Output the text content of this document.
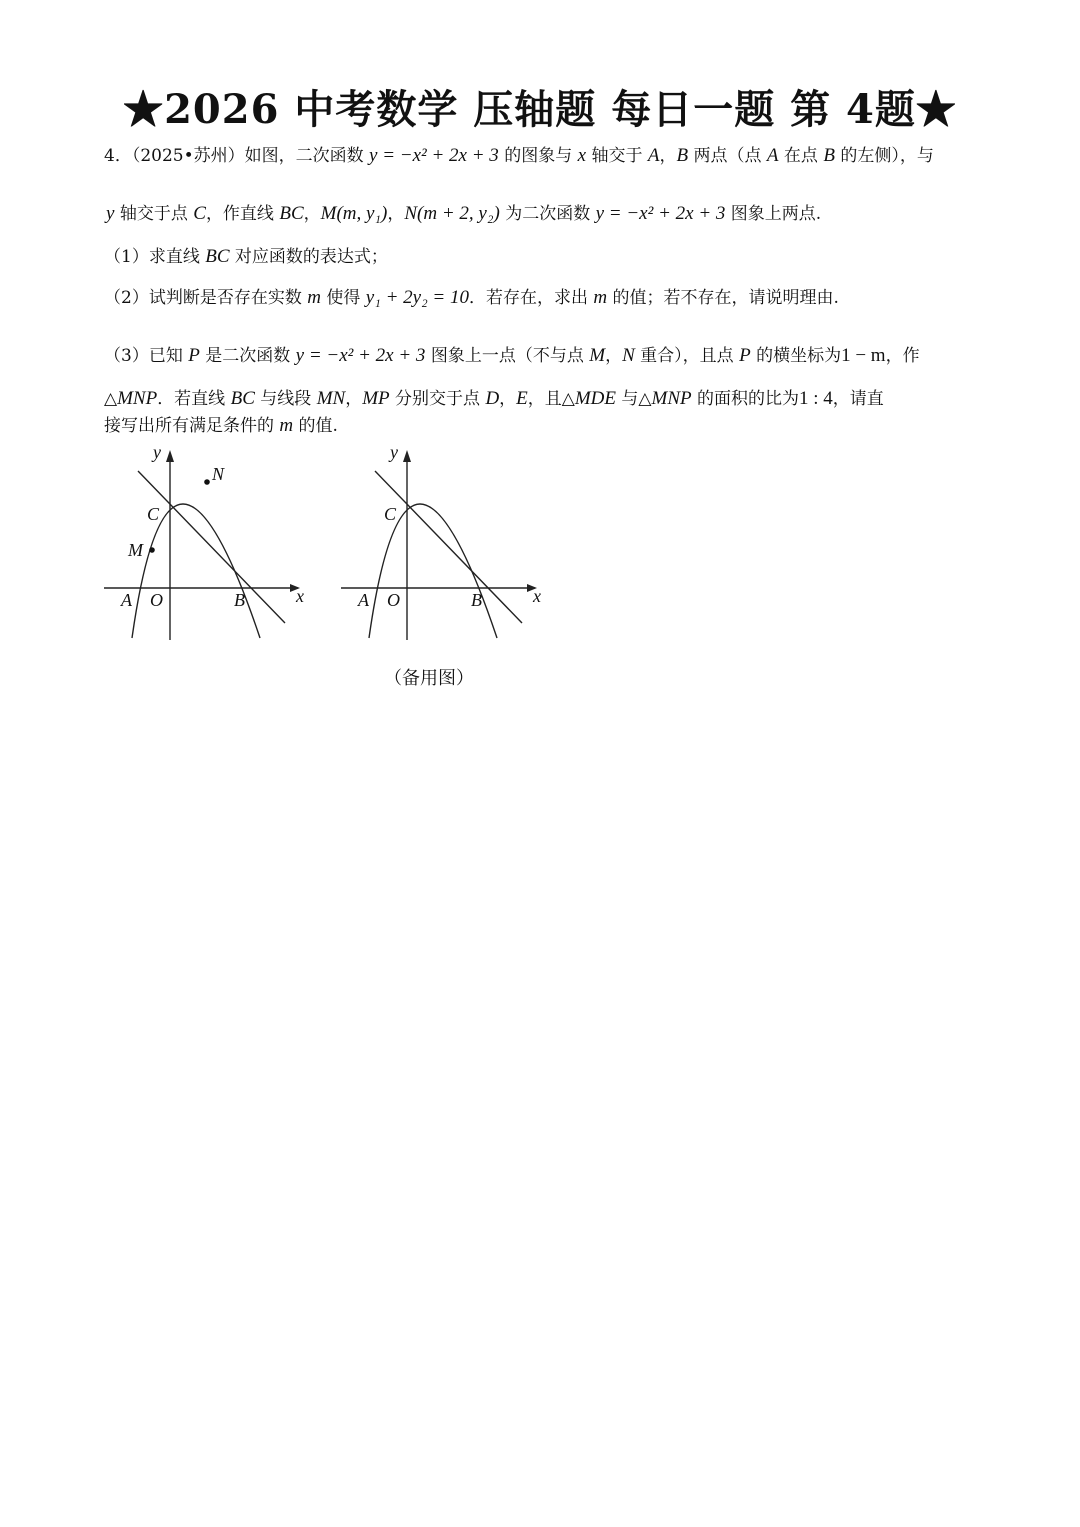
★2026 中考数学 压轴题 每日一题 第 4题★
4．（2025•苏州）如图，二次函数 y = −x² + 2x + 3 的图象与 x 轴交于 A，B 两点（点 A 在点 B 的左侧），与
y 轴交于点 C，作直线 BC，M(m, y₁)，N(m + 2, y₂) 为二次函数 y = −x² + 2x + 3 图象上两点.
（1）求直线 BC 对应函数的表达式；
（2）试判断是否存在实数 m 使得 y₁ + 2y₂ = 10．若存在，求出 m 的值；若不存在，请说明理由.
（3）已知 P 是二次函数 y = −x² + 2x + 3 图象上一点（不与点 M，N 重合），且点 P 的横坐标为1 − m，作
△MNP．若直线 BC 与线段 MN，MP 分别交于点 D，E，且△MDE 与△MNP 的面积的比为1 : 4，请直
接写出所有满足条件的 m 的值.
y
x
C
N
M
A O	B
y
x
C
A O	B
（备用图）
